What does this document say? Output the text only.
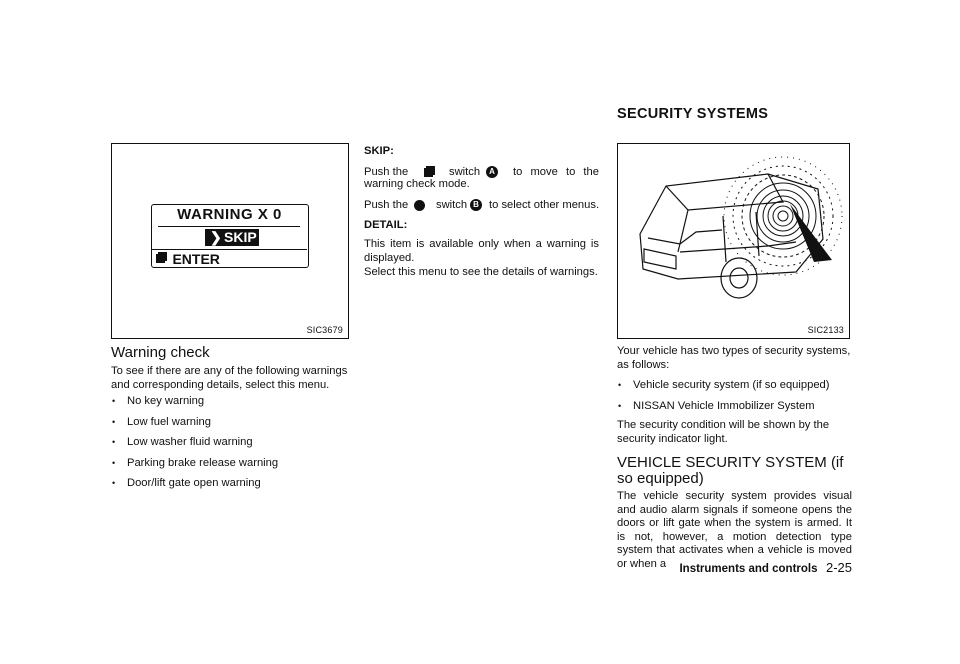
WARNING X 0
❯ SKIP
ENTER
SIC3679
Warning check

To see if there are any of the following warnings and corresponding details, select this menu.

• No key warning
• Low fuel warning
• Low washer fluid warning
• Parking brake release warning
• Door/lift gate open warning
SKIP:
Push the	switch	A to move to the
warning check mode.
Push the switch B to select other menus.
DETAIL:

This item is available only when a warning is displayed.

Select this menu to see the details of warnings.

SECURITY SYSTEMS
SIC2133

Your vehicle has two types of security systems, as follows:

• Vehicle security system (if so equipped)
• NISSAN Vehicle Immobilizer System

The security condition will be shown by the security indicator light.

VEHICLE SECURITY SYSTEM (if so equipped)

The vehicle security system provides visual and audio alarm signals if someone opens the doors or lift gate when the system is armed. It is not, however, a motion detection type system that activates when a vehicle is moved or when a	Instruments and controls 2-25
